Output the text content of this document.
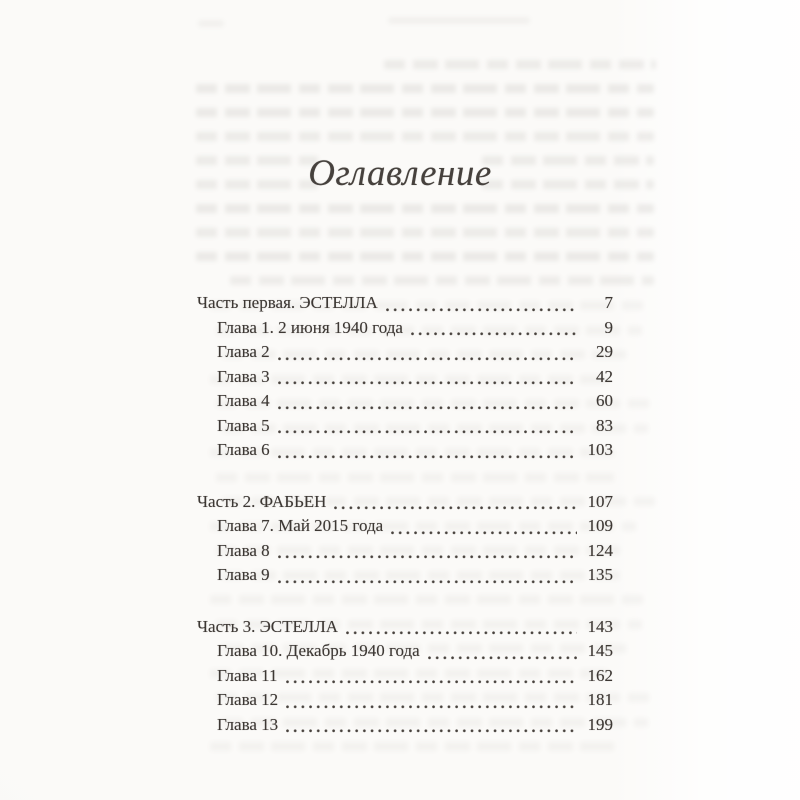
Оглавление
Часть первая. ЭСТЕЛЛА	7
Глава 1. 2 июня 1940 года	9
Глава 2	29
Глава 3	42
Глава 4	60
Глава 5	83
Глава 6	103
Часть 2. ФАБЬЕН	107
Глава 7. Май 2015 года	109
Глава 8	124
Глава 9	135
Часть 3. ЭСТЕЛЛА	143
Глава 10. Декабрь 1940 года	145
Глава 11	162
Глава 12	181
Глава 13	199
